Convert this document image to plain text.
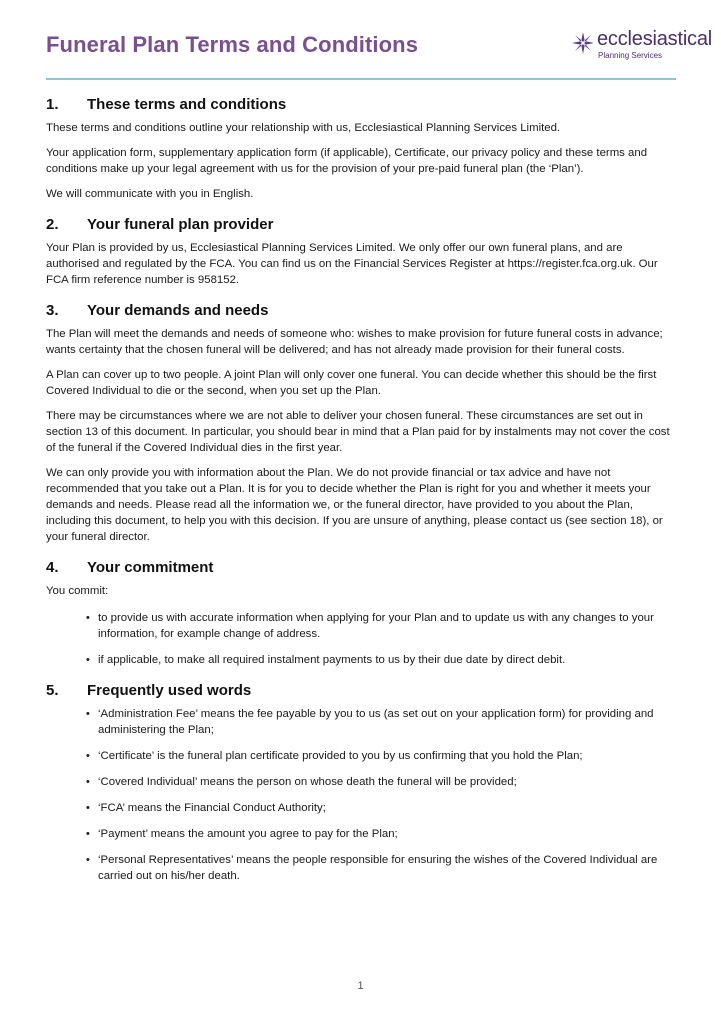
Funeral Plan Terms and Conditions	ecclesiastical
Planning Services
1. These terms and conditions

These terms and conditions outline your relationship with us, Ecclesiastical Planning Services Limited.

Your application form, supplementary application form (if applicable), Certificate, our privacy policy and these terms and conditions make up your legal agreement with us for the provision of your pre-paid funeral plan (the ‘Plan’).

We will communicate with you in English.

2. Your funeral plan provider

Your Plan is provided by us, Ecclesiastical Planning Services Limited. We only offer our own funeral plans, and are authorised and regulated by the FCA. You can find us on the Financial Services Register at https://register.fca.org.uk. Our FCA firm reference number is 958152.

3. Your demands and needs

The Plan will meet the demands and needs of someone who: wishes to make provision for future funeral costs in advance; wants certainty that the chosen funeral will be delivered; and has not already made provision for their funeral costs.

A Plan can cover up to two people. A joint Plan will only cover one funeral. You can decide whether this should be the first Covered Individual to die or the second, when you set up the Plan.

There may be circumstances where we are not able to deliver your chosen funeral. These circumstances are set out in section 13 of this document. In particular, you should bear in mind that a Plan paid for by instalments may not cover the cost of the funeral if the Covered Individual dies in the first year.

We can only provide you with information about the Plan. We do not provide financial or tax advice and have not recommended that you take out a Plan. It is for you to decide whether the Plan is right for you and whether it meets your demands and needs. Please read all the information we, or the funeral director, have provided to you about the Plan, including this document, to help you with this decision. If you are unsure of anything, please contact us (see section 18), or your funeral director.

4. Your commitment

You commit:

• to provide us with accurate information when applying for your Plan and to update us with any changes to your information, for example change of address.
• if applicable, to make all required instalment payments to us by their due date by direct debit.
5. Frequently used words
• ‘Administration Fee’ means the fee payable by you to us (as set out on your application form) for providing and administering the Plan;
• ‘Certificate’ is the funeral plan certificate provided to you by us confirming that you hold the Plan;
• ‘Covered Individual’ means the person on whose death the funeral will be provided;
• ‘FCA’ means the Financial Conduct Authority;
• ‘Payment’ means the amount you agree to pay for the Plan;
• ‘Personal Representatives’ means the people responsible for ensuring the wishes of the Covered Individual are carried out on his/her death.
1
